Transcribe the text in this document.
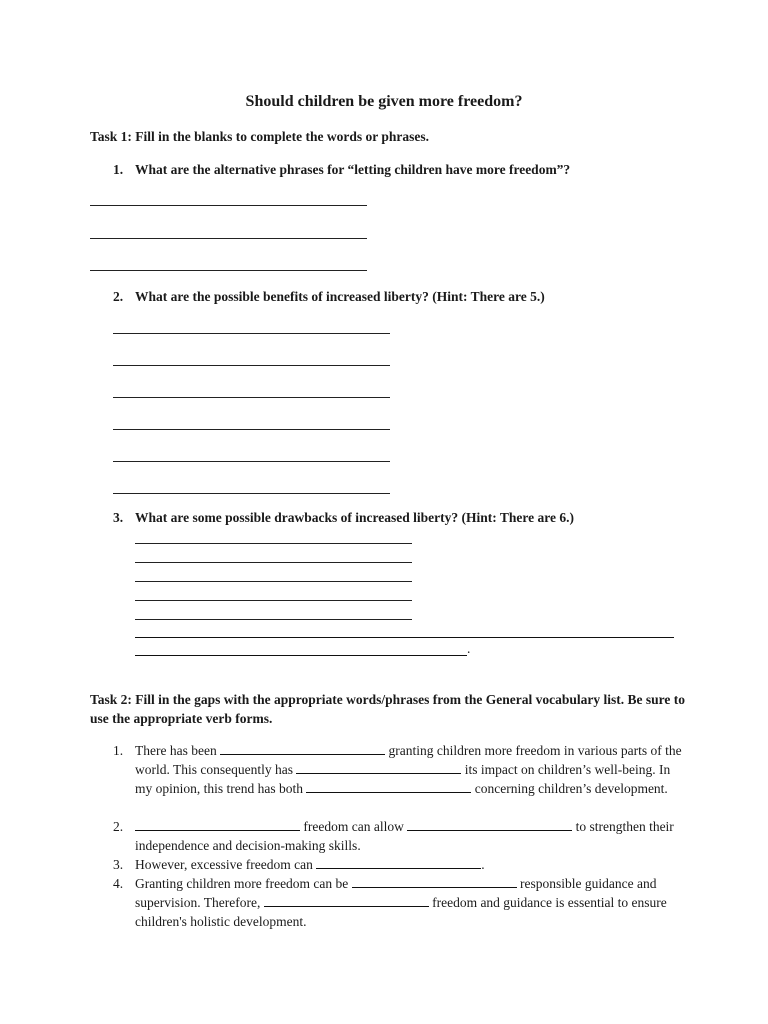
Should children be given more freedom?
Task 1: Fill in the blanks to complete the words or phrases.
1. What are the alternative phrases for “letting children have more freedom”?
2. What are the possible benefits of increased liberty? (Hint: There are 5.)
3. What are some possible drawbacks of increased liberty? (Hint: There are 6.)
.
Task 2: Fill in the gaps with the appropriate words/phrases from the General vocabulary list. Be sure to use the appropriate verb forms.
1. There has been	granting children more freedom in various parts of the world. This consequently has	its impact on children’s well-being. In my opinion, this trend has both	concerning children’s development.
2.	freedom can allow	to strengthen their independence and decision-making skills.
3. However, excessive freedom can	.
4. Granting children more freedom can be	responsible guidance and supervision. Therefore,	freedom and guidance is essential to ensure children's holistic development.
